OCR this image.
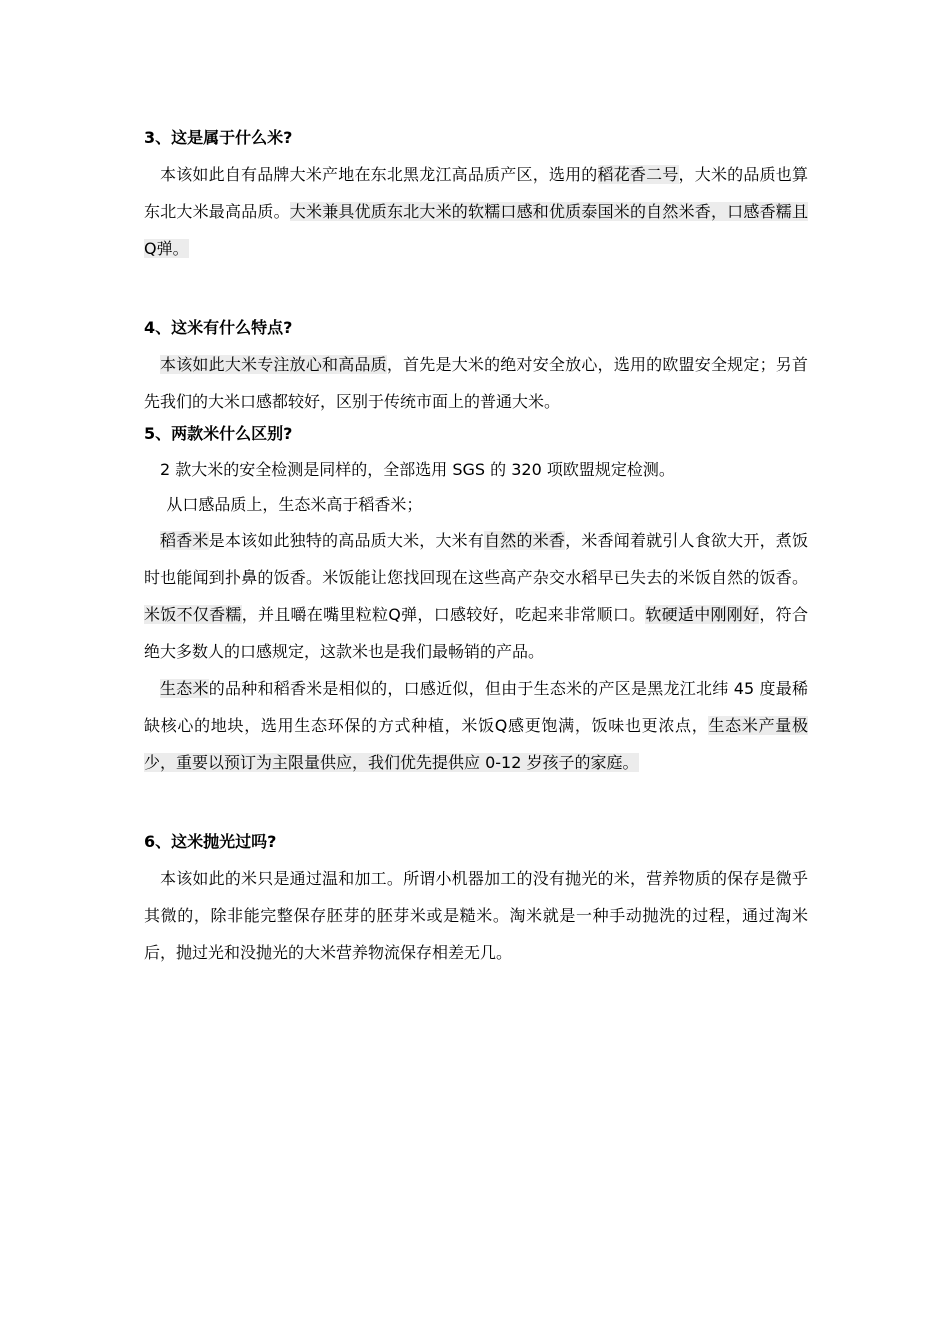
3、这是属于什么米?

本该如此自有品牌大米产地在东北黑龙江高品质产区，选用的稻花香二号，大米的品质也算东北大米最高品质。大米兼具优质东北大米的软糯口感和优质泰国米的自然米香，口感香糯且Q弹。

4、这米有什么特点?

本该如此大米专注放心和高品质，首先是大米的绝对安全放心，选用的欧盟安全规定；另首先我们的大米口感都较好，区别于传统市面上的普通大米。

5、两款米什么区别?

2 款大米的安全检测是同样的，全部选用 SGS 的 320 项欧盟规定检测。

从口感品质上，生态米高于稻香米；

稻香米是本该如此独特的高品质大米，大米有自然的米香，米香闻着就引人食欲大开，煮饭时也能闻到扑鼻的饭香。米饭能让您找回现在这些高产杂交水稻早已失去的米饭自然的饭香。米饭不仅香糯，并且嚼在嘴里粒粒Q弹，口感较好，吃起来非常顺口。软硬适中刚刚好，符合绝大多数人的口感规定，这款米也是我们最畅销的产品。

生态米的品种和稻香米是相似的，口感近似，但由于生态米的产区是黑龙江北纬 45 度最稀缺核心的地块，选用生态环保的方式种植，米饭Q感更饱满，饭味也更浓点，生态米产量极少，重要以预订为主限量供应，我们优先提供应 0-12 岁孩子的家庭。

6、这米抛光过吗?

本该如此的米只是通过温和加工。所谓小机器加工的没有抛光的米，营养物质的保存是微乎其微的，除非能完整保存胚芽的胚芽米或是糙米。淘米就是一种手动抛洗的过程，通过淘米后，抛过光和没抛光的大米营养物流保存相差无几。
